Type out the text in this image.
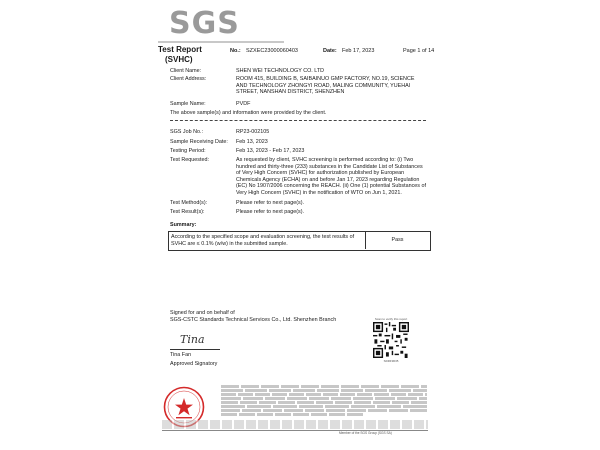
SGS
Test Report
(SVHC)
No.: SZXEC23000060403	Date: Feb 17, 2023	Page 1 of 14
Client Name:	SHEN WEI TECHNOLOGY CO. LTD
Client Address:	ROOM 415, BUILDING B, SAIBAINUO GMP FACTORY, NO.19, SCIENCE AND TECHNOLOGY ZHONGYI ROAD, MALING COMMUNITY, YUEHAI STREET, NANSHAN DISTRICT, SHENZHEN
Sample Name:	PVDF
The above sample(s) and information were provided by the client.
SGS Job No.:	RP23-002105
Sample Receiving Date: Feb 13, 2023
Testing Period:	Feb 13, 2023 - Feb 17, 2023
Test Requested:	As requested by client, SVHC screening is performed according to: (i) Two hundred and thirty-three (233) substances in the Candidate List of Substances of Very High Concern (SVHC) for authorization published by European Chemicals Agency (ECHA) on and before Jan 17, 2023 regarding Regulation (EC) No 1907/2006 concerning the REACH. (ii) One (1) potential Substances of Very High Concern (SVHC) in the notification of WTO on Jun 1, 2021.
Test Method(s):	Please refer to next page(s).
Test Result(s):	Please refer to next page(s).
Summary:
According to the specified scope and evaluation screening, the test results of SVHC are ≤ 0.1% (w/w) in the submitted sample.
Pass
Signed for and on behalf of
SGS-CSTC Standards Technical Services Co., Ltd. Shenzhen Branch
Tina
Tina Fan
Approved Signatory
Scan to verify this report
SDRF9635
Member of the SGS Group (SGS SA)
